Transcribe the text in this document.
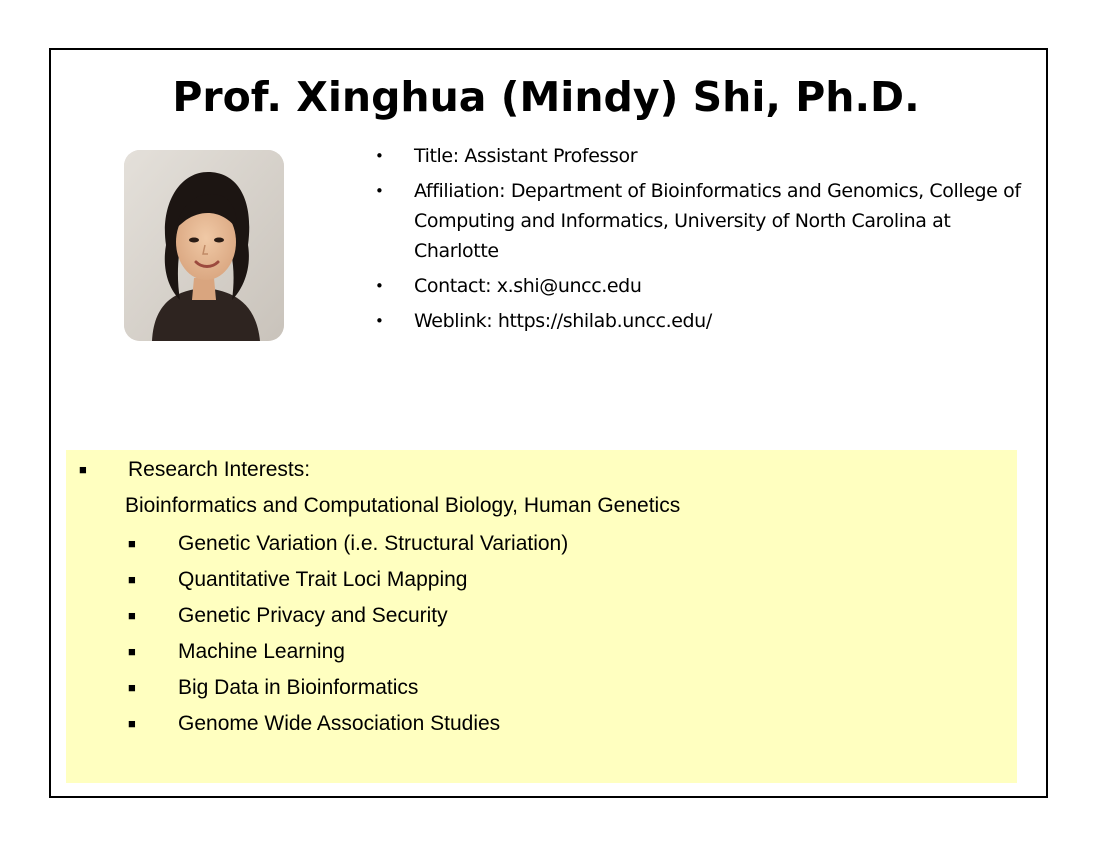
Prof. Xinghua (Mindy) Shi, Ph.D.
• Title: Assistant Professor
• Affiliation: Department of Bioinformatics and Genomics, College of Computing and Informatics, University of North Carolina at Charlotte
• Contact: x.shi@uncc.edu
• Weblink: https://shilab.uncc.edu/
■ Research Interests:
Bioinformatics and Computational Biology, Human Genetics
■ Genetic Variation (i.e. Structural Variation)
■ Quantitative Trait Loci Mapping
■ Genetic Privacy and Security
■ Machine Learning
■ Big Data in Bioinformatics
■ Genome Wide Association Studies
